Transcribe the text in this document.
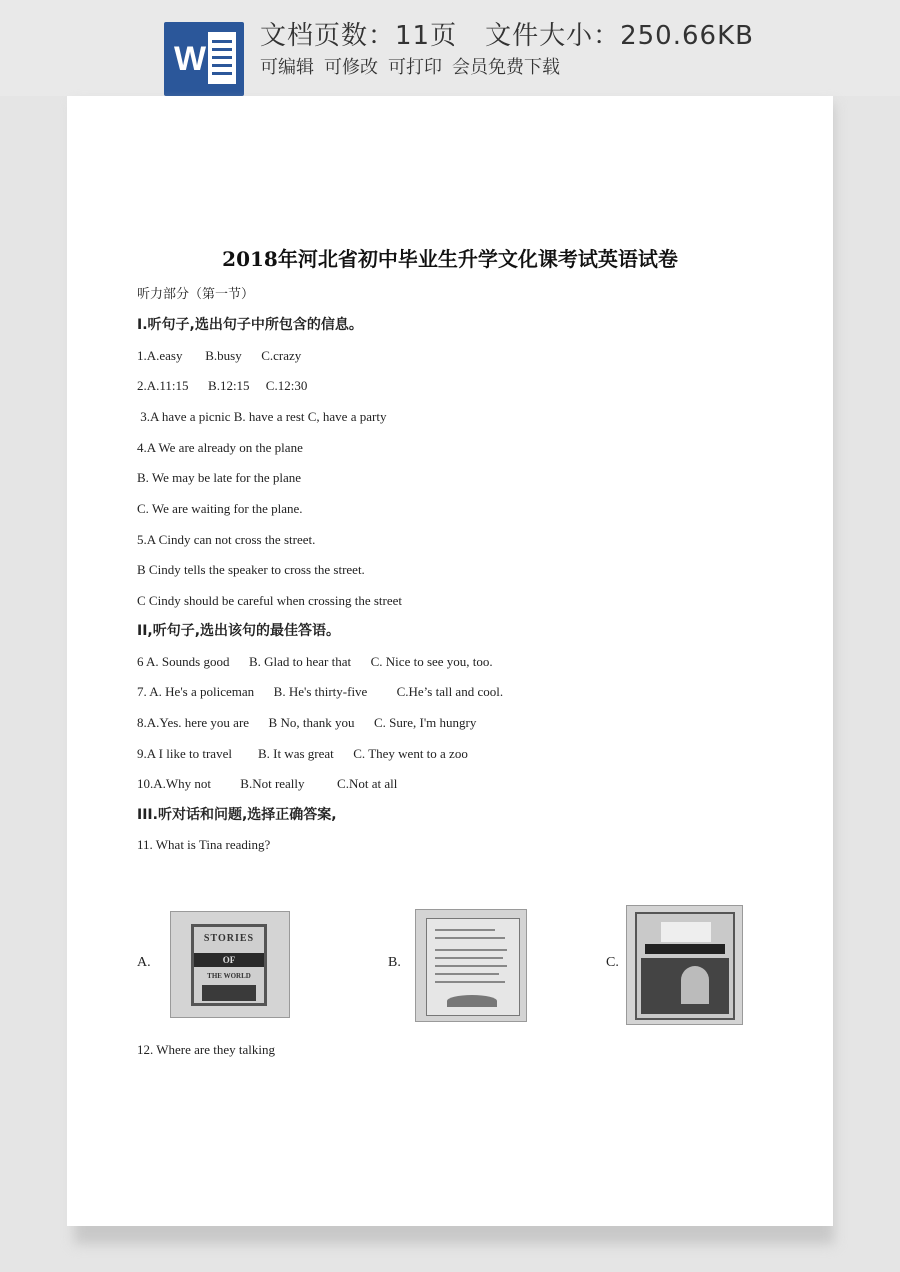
W
文档页数：11页 文件大小：250.66KB
可编辑 可修改 可打印 会员免费下载
2018年河北省初中毕业生升学文化课考试英语试卷
听力部分（第一节）
I.听句子,选出句子中所包含的信息。
1.A.easy       B.busy      C.crazy
2.A.11:15      B.12:15     C.12:30
3.A have a picnic B. have a rest C, have a party
4.A We are already on the plane
B. We may be late for the plane
C. We are waiting for the plane.
5.A Cindy can not cross the street.
B Cindy tells the speaker to cross the street.
C Cindy should be careful when crossing the street
II,听句子,选出该句的最佳答语。
6 A. Sounds good      B. Glad to hear that      C. Nice to see you, too.
7. A. He's a policeman      B. He's thirty-five         C.He’s tall and cool.
8.A.Yes. here you are      B No, thank you      C. Sure, I'm hungry
9.A I like to travel        B. It was great      C. They went to a zoo
10.A.Why not         B.Not really          C.Not at all
III.听对话和问题,选择正确答案,
11. What is Tina reading?
A.
STORIES
OF
THE WORLD
B.	C.
12. Where are they talking
